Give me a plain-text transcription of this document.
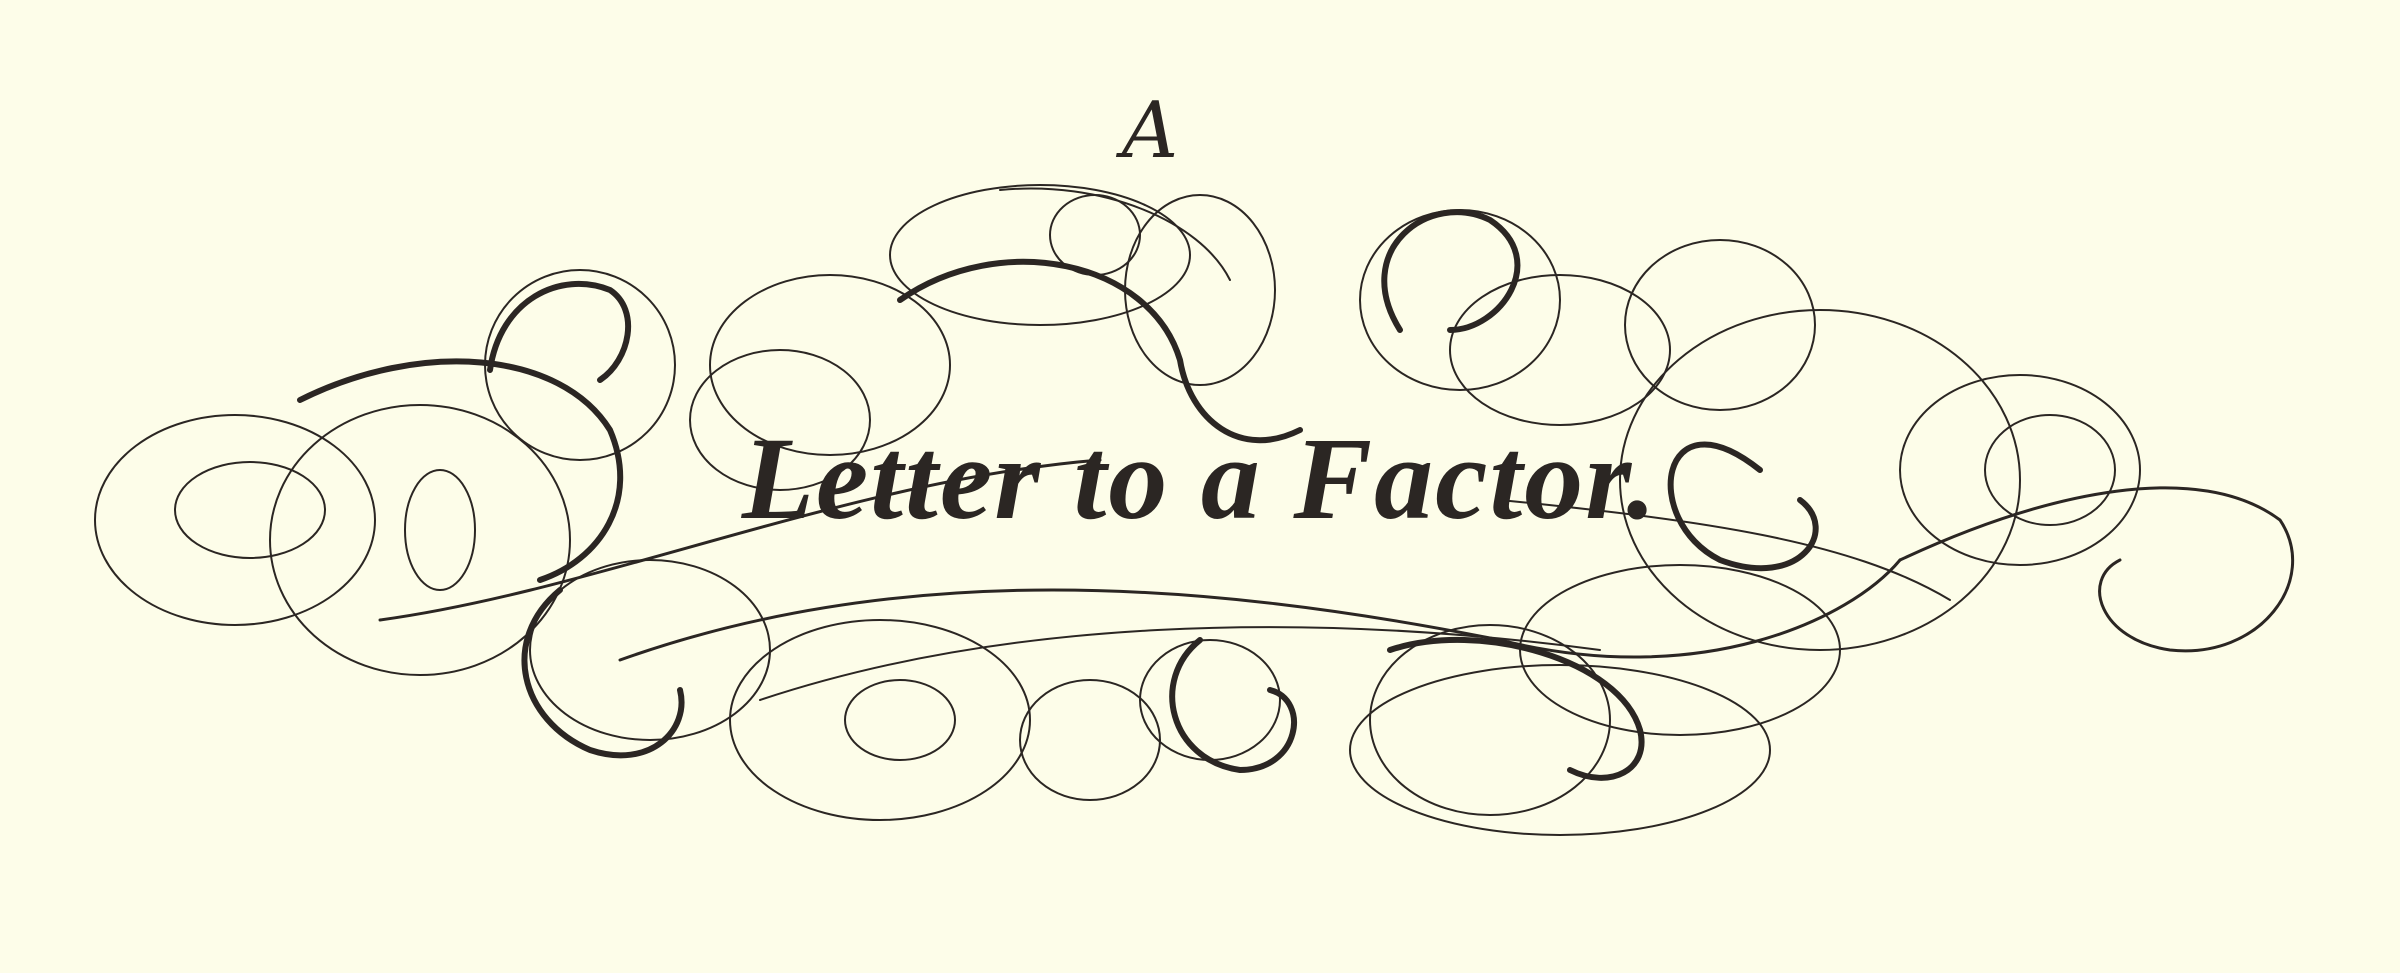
A
Letter to a Factor.
